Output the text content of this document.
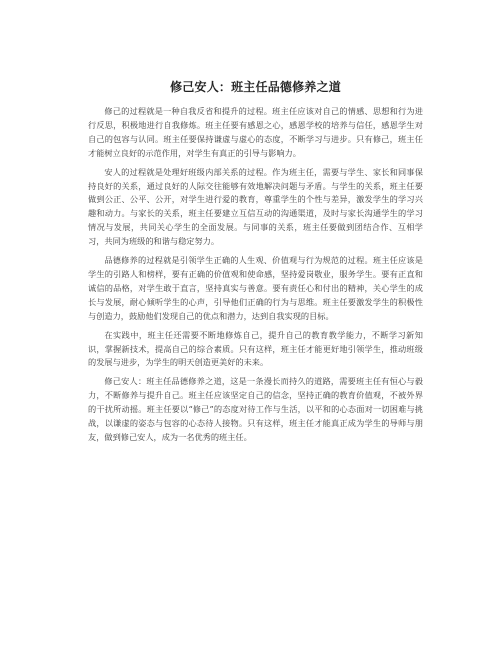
修己安人：班主任品德修养之道

修己的过程就是一种自我反省和提升的过程。班主任应该对自己的情感、思想和行为进行反思，积极地进行自我修炼。班主任要有感恩之心，感恩学校的培养与信任，感恩学生对自己的包容与认同。班主任要保持谦虚与虚心的态度，不断学习与进步。只有修己，班主任才能树立良好的示范作用，对学生有真正的引导与影响力。

安人的过程就是处理好班级内部关系的过程。作为班主任，需要与学生、家长和同事保持良好的关系，通过良好的人际交往能够有效地解决问题与矛盾。与学生的关系，班主任要做到公正、公平、公开，对学生进行爱的教育，尊重学生的个性与差异，激发学生的学习兴趣和动力。与家长的关系，班主任要建立互信互动的沟通渠道，及时与家长沟通学生的学习情况与发展，共同关心学生的全面发展。与同事的关系，班主任要做到团结合作、互相学习，共同为班级的和谐与稳定努力。

品德修养的过程就是引领学生正确的人生观、价值观与行为规范的过程。班主任应该是学生的引路人和榜样，要有正确的价值观和使命感，坚持爱岗敬业，服务学生。要有正直和诚信的品格，对学生敢于直言，坚持真实与善意。要有责任心和付出的精神，关心学生的成长与发展，耐心倾听学生的心声，引导他们正确的行为与思维。班主任要激发学生的积极性与创造力，鼓励他们发现自己的优点和潜力，达到自我实现的目标。

在实践中，班主任还需要不断地修炼自己，提升自己的教育教学能力，不断学习新知识，掌握新技术，提高自己的综合素质。只有这样，班主任才能更好地引领学生，推动班级的发展与进步，为学生的明天创造更美好的未来。

修己安人：班主任品德修养之道，这是一条漫长而持久的道路，需要班主任有恒心与毅力，不断修养与提升自己。班主任应该坚定自己的信念，坚持正确的教育价值观，不被外界的干扰所动摇。班主任要以“修己”的态度对待工作与生活，以平和的心态面对一切困难与挑战，以谦虚的姿态与包容的心态待人接物。只有这样，班主任才能真正成为学生的导师与朋友，做到修己安人，成为一名优秀的班主任。
